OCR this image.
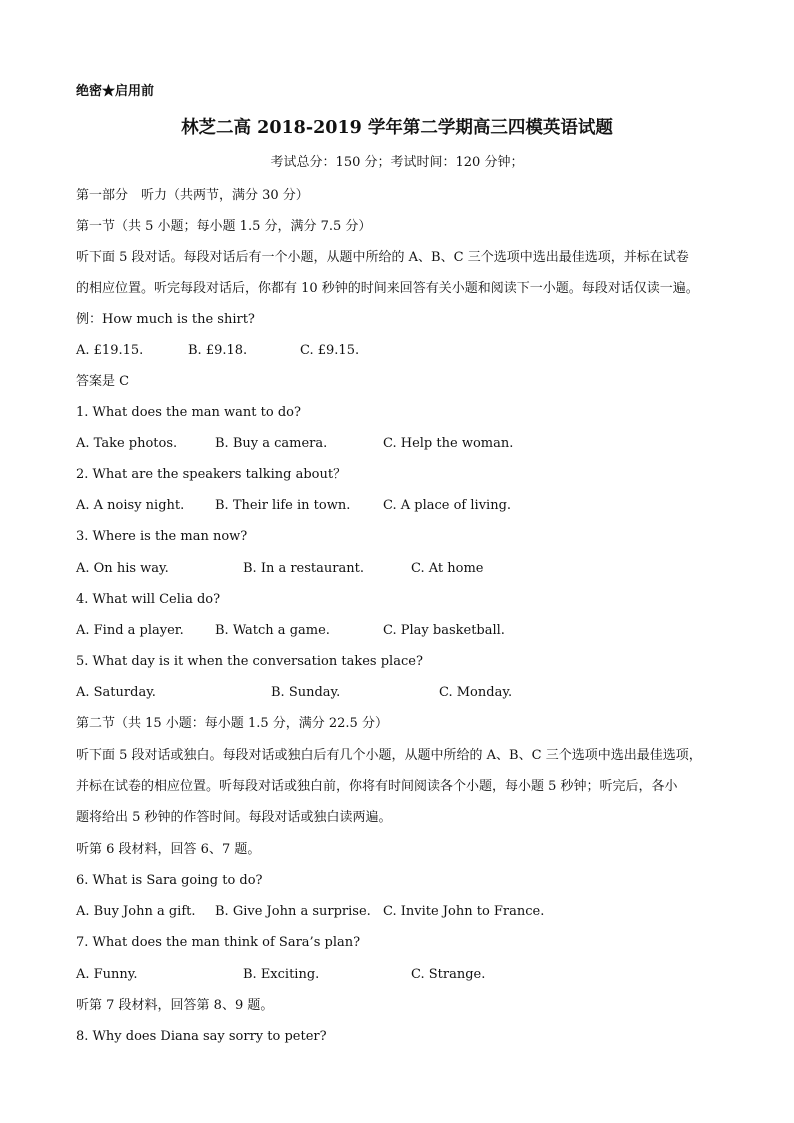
绝密★启用前
林芝二高 2018-2019 学年第二学期高三四模英语试题
考试总分：150 分；考试时间：120 分钟；
第一部分　听力（共两节，满分 30 分）
第一节（共 5 小题；每小题 1.5 分，满分 7.5 分）
听下面 5 段对话。每段对话后有一个小题，从题中所给的 A、B、C 三个选项中选出最佳选项，并标在试卷
的相应位置。听完每段对话后，你都有 10 秒钟的时间来回答有关小题和阅读下一小题。每段对话仅读一遍。
例：How much is the shirt?
A. £19.15.	B. £9.18.	C. £9.15.
答案是 C
1. What does the man want to do?
A. Take photos.	B. Buy a camera.	C. Help the woman.
2. What are the speakers talking about？
A. A noisy night. B. Their life in town.	C. A place of living.
3. Where is the man now?
A. On his way.	B. In a restaurant.	C. At home
4. What will Celia do?
A. Find a player. B. Watch a game.	C. Play basketball.
5. What day is it when the conversation takes place?
A. Saturday.	B. Sunday.	C. Monday.
第二节（共 15 小题：每小题 1.5 分，满分 22.5 分）
听下面 5 段对话或独白。每段对话或独白后有几个小题，从题中所给的 A、B、C 三个选项中选出最佳选项，
并标在试卷的相应位置。听每段对话或独白前，你将有时间阅读各个小题，每小题 5 秒钟；听完后，各小
题将给出 5 秒钟的作答时间。每段对话或独白读两遍。
听第 6 段材料，回答 6、7 题。
6. What is Sara going to do?
A. Buy John a gift. B. Give John a surprise. C. Invite John to France.
7. What does the man think of Sara’s plan?
A. Funny.	B. Exciting.	C. Strange.
听第 7 段材料，回答第 8、9 题。
8. Why does Diana say sorry to peter?
